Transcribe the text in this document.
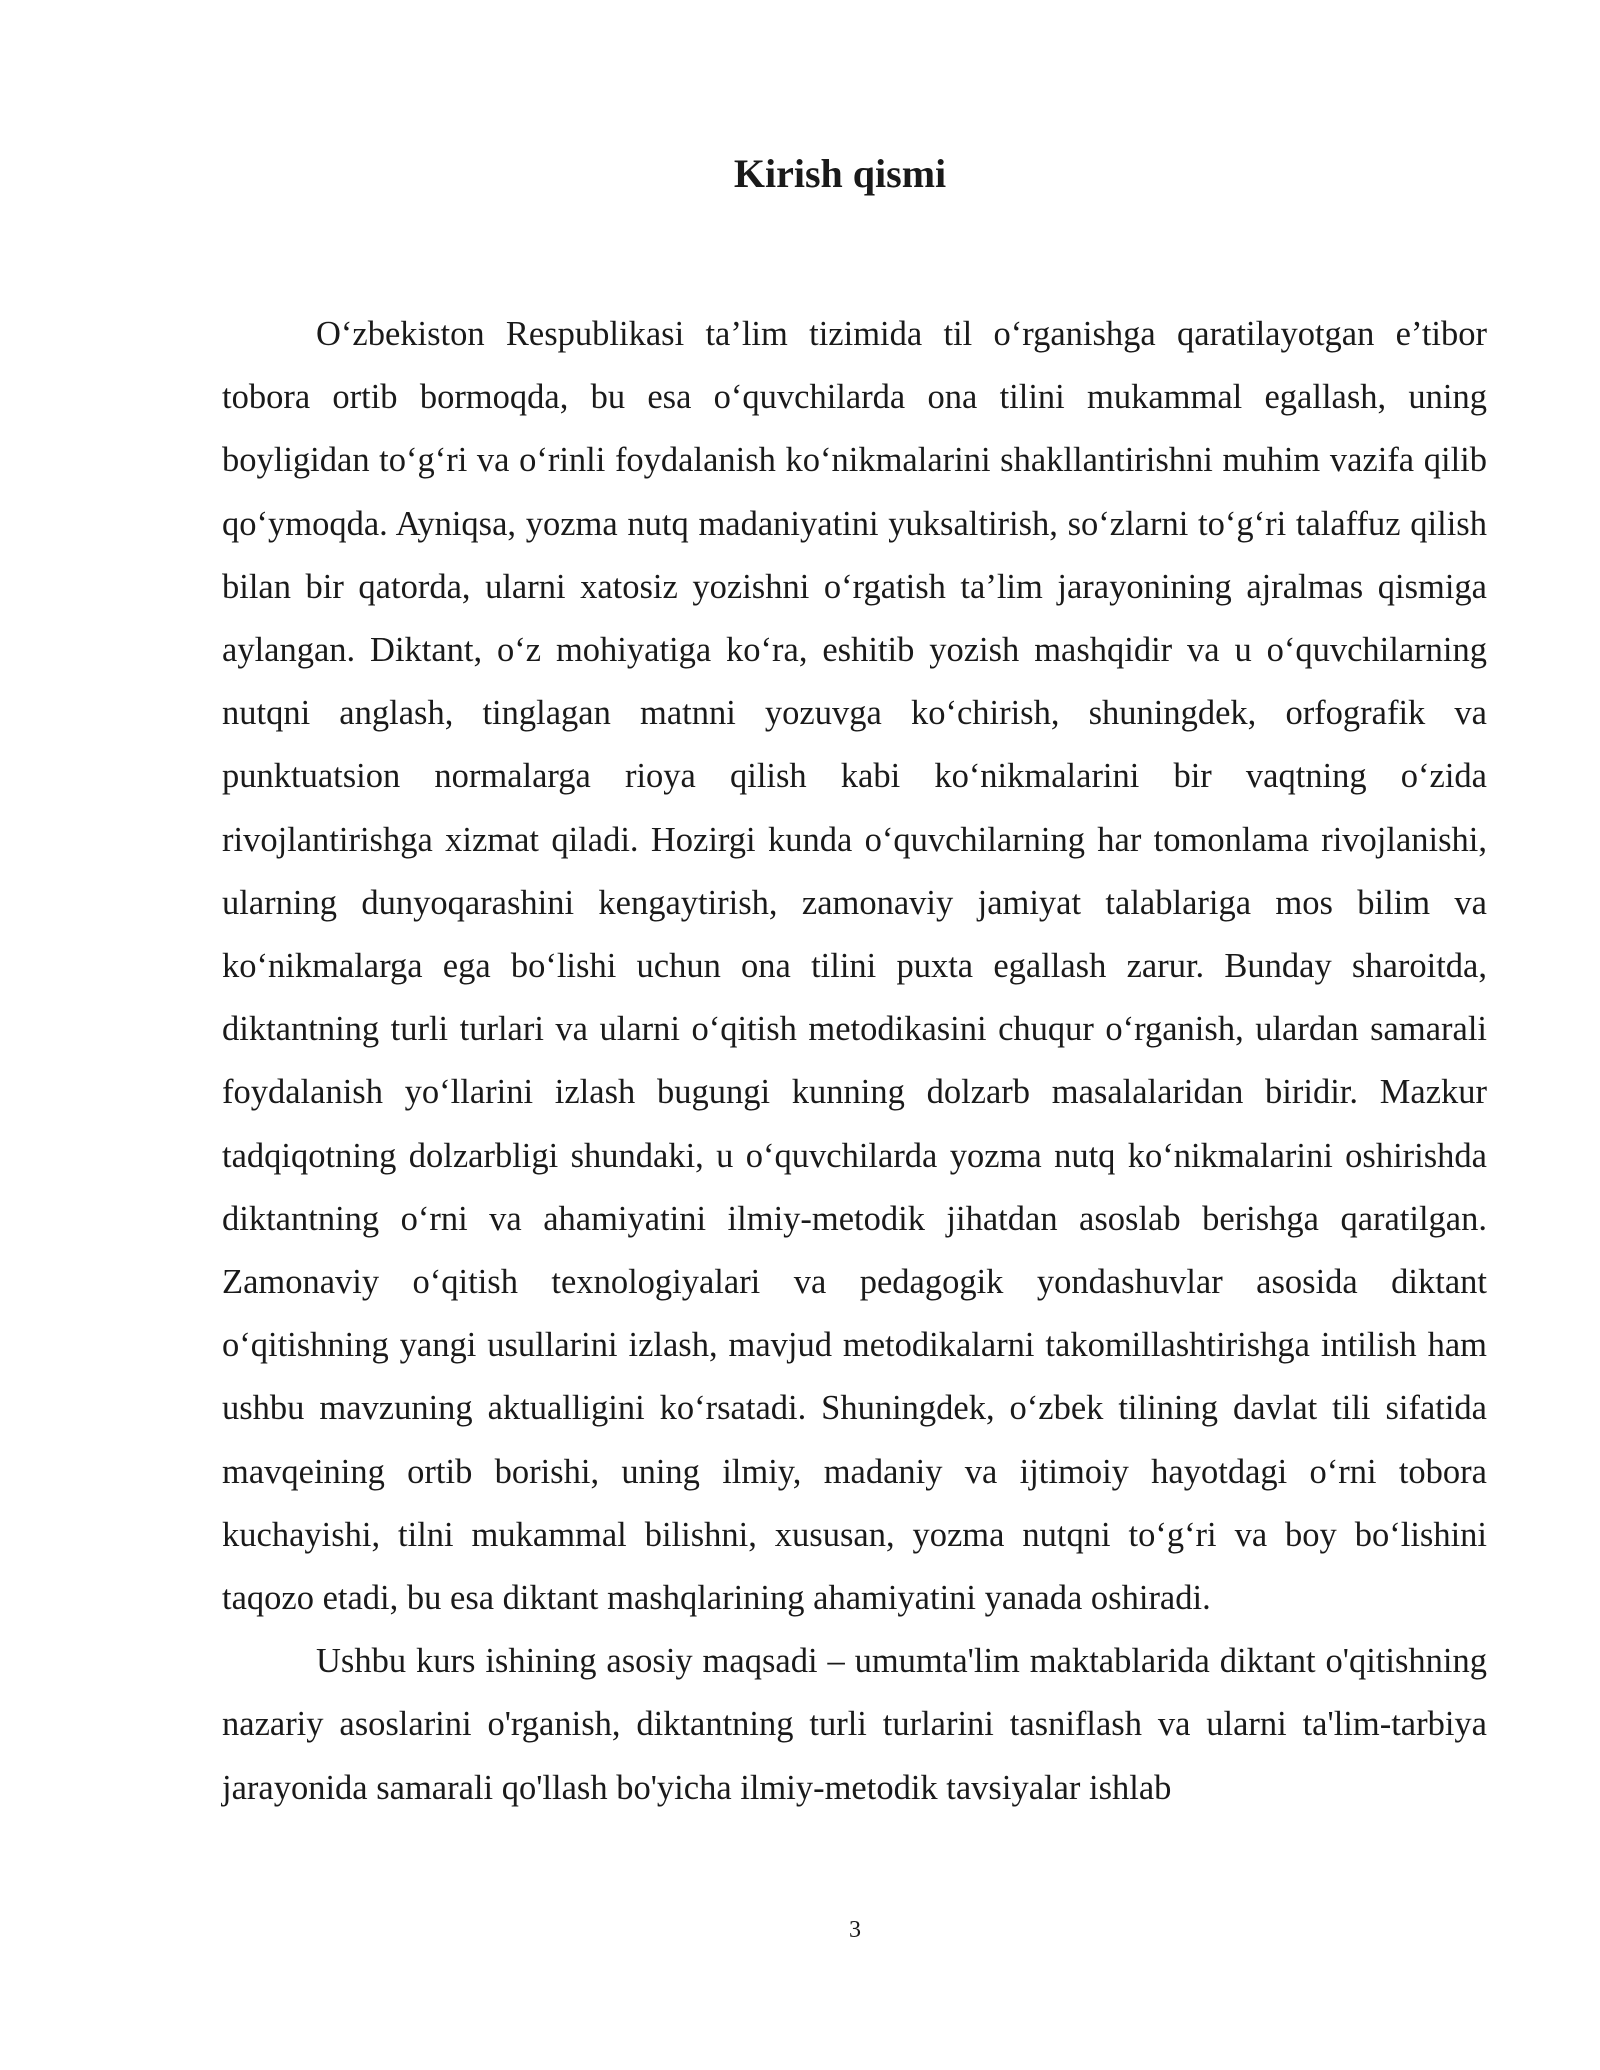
Kirish qismi

O‘zbekiston Respublikasi ta’lim tizimida til o‘rganishga qaratilayotgan e’tibor tobora ortib bormoqda, bu esa o‘quvchilarda ona tilini mukammal egallash, uning boyligidan to‘g‘ri va o‘rinli foydalanish ko‘nikmalarini shakllantirishni muhim vazifa qilib qo‘ymoqda. Ayniqsa, yozma nutq madaniyatini yuksaltirish, so‘zlarni to‘g‘ri talaffuz qilish bilan bir qatorda, ularni xatosiz yozishni o‘rgatish ta’lim jarayonining ajralmas qismiga aylangan. Diktant, o‘z mohiyatiga ko‘ra, eshitib yozish mashqidir va u o‘quvchilarning nutqni anglash, tinglagan matnni yozuvga ko‘chirish, shuningdek, orfografik va punktuatsion normalarga rioya qilish kabi ko‘nikmalarini bir vaqtning o‘zida rivojlantirishga xizmat qiladi. Hozirgi kunda o‘quvchilarning har tomonlama rivojlanishi, ularning dunyoqarashini kengaytirish, zamonaviy jamiyat talablariga mos bilim va ko‘nikmalarga ega bo‘lishi uchun ona tilini puxta egallash zarur. Bunday sharoitda, diktantning turli turlari va ularni o‘qitish metodikasini chuqur o‘rganish, ulardan samarali foydalanish yo‘llarini izlash bugungi kunning dolzarb masalalaridan biridir. Mazkur tadqiqotning dolzarbligi shundaki, u o‘quvchilarda yozma nutq ko‘nikmalarini oshirishda diktantning o‘rni va ahamiyatini ilmiy-metodik jihatdan asoslab berishga qaratilgan. Zamonaviy o‘qitish texnologiyalari va pedagogik yondashuvlar asosida diktant o‘qitishning yangi usullarini izlash, mavjud metodikalarni takomillashtirishga intilish ham ushbu mavzuning aktualligini ko‘rsatadi. Shuningdek, o‘zbek tilining davlat tili sifatida mavqeining ortib borishi, uning ilmiy, madaniy va ijtimoiy hayotdagi o‘rni tobora kuchayishi, tilni mukammal bilishni, xususan, yozma nutqni to‘g‘ri va boy bo‘lishini taqozo etadi, bu esa diktant mashqlarining ahamiyatini yanada oshiradi.

Ushbu kurs ishining asosiy maqsadi – umumta'lim maktablarida diktant o'qitishning nazariy asoslarini o'rganish, diktantning turli turlarini tasniflash va ularni ta'lim-tarbiya jarayonida samarali qo'llash bo'yicha ilmiy-metodik tavsiyalar ishlab

3
